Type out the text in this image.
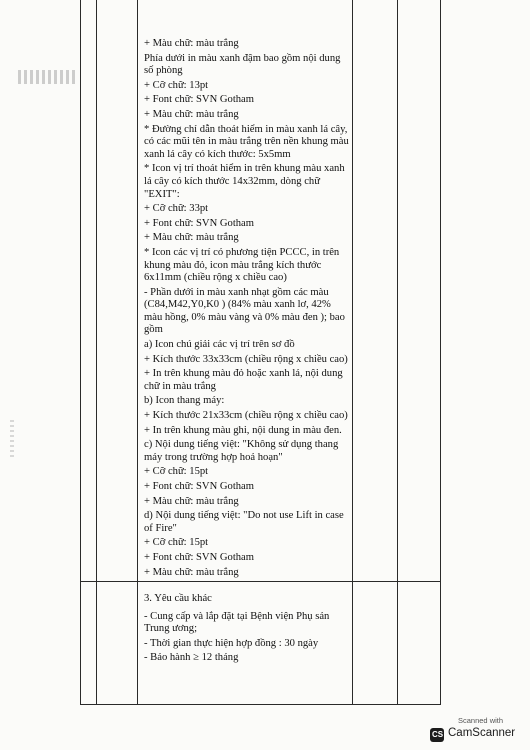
+ Màu chữ: màu trắng

Phía dưới in màu xanh đậm bao gồm nội dung số phòng

+ Cỡ chữ: 13pt

+ Font chữ: SVN Gotham

+ Màu chữ: màu trắng

* Đường chỉ dẫn thoát hiểm in màu xanh lá cây, có các mũi tên in màu trắng trên nền khung màu xanh lá cây có kích thước: 5x5mm

* Icon vị trí thoát hiểm in trên khung màu xanh lá cây có kích thước 14x32mm, dòng chữ "EXIT":

+ Cỡ chữ: 33pt

+ Font chữ: SVN Gotham

+ Màu chữ: màu trắng

* Icon các vị trí có phương tiện PCCC, in trên khung màu đỏ, icon màu trắng kích thước 6x11mm (chiều rộng x chiều cao)

- Phần dưới in màu xanh nhạt gồm các màu (C84,M42,Y0,K0 ) (84% màu xanh lơ, 42% màu hồng, 0% màu vàng và 0% màu đen ); bao gồm

a) Icon chú giải các vị trí trên sơ đồ

+ Kích thước 33x33cm (chiều rộng x chiều cao)

+ In trên khung màu đỏ hoặc xanh lá, nội dung chữ in màu trắng

b) Icon thang máy:

+ Kích thước 21x33cm (chiều rộng x chiều cao)

+ In trên khung màu ghi, nội dung in màu đen.

c) Nội dung tiếng việt: "Không sử dụng thang máy trong trường hợp hoả hoạn"

+ Cỡ chữ: 15pt

+ Font chữ: SVN Gotham

+ Màu chữ: màu trắng

d) Nội dung tiếng việt: "Do not use Lift in case of Fire"

+ Cỡ chữ: 15pt

+ Font chữ: SVN Gotham

+ Màu chữ: màu trắng

3. Yêu cầu khác

- Cung cấp và lắp đặt tại Bệnh viện Phụ sản Trung ương;

- Thời gian thực hiện hợp đồng : 30 ngày

- Bảo hành ≥ 12 tháng

Scanned with
CS
CamScanner
